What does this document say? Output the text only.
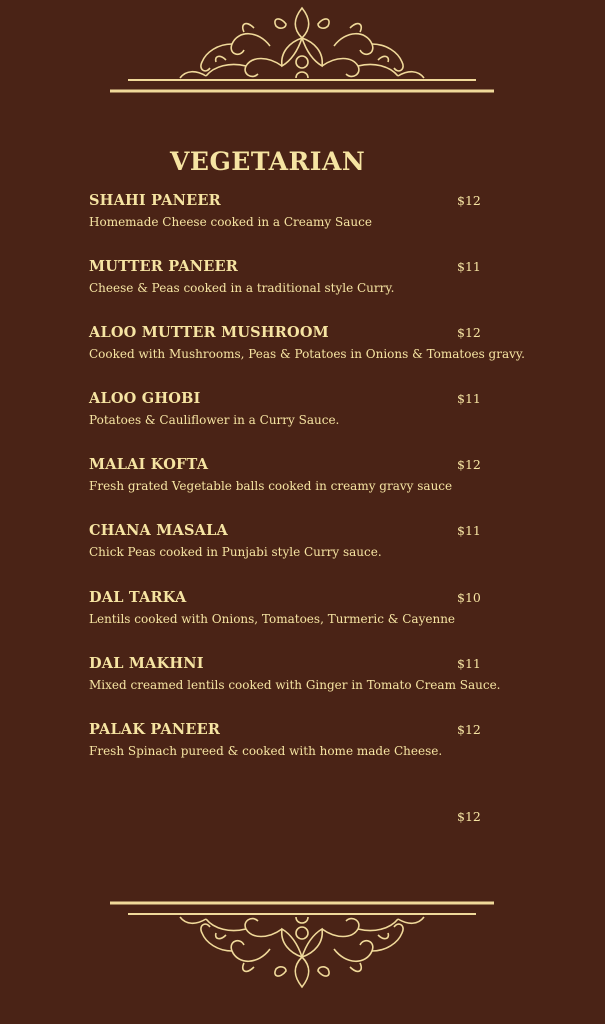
VEGETARIAN
SHAHI PANEER	$12
Homemade Cheese cooked in a Creamy Sauce
MUTTER PANEER	$11
Cheese & Peas cooked in a traditional style Curry.
ALOO MUTTER MUSHROOM	$12
Cooked with Mushrooms, Peas & Potatoes in Onions & Tomatoes gravy.
ALOO GHOBI	$11
Potatoes & Cauliflower in a Curry Sauce.
MALAI KOFTA	$12
Fresh grated Vegetable balls cooked in creamy gravy sauce
CHANA MASALA	$11
Chick Peas cooked in Punjabi style Curry sauce.
DAL TARKA	$10
Lentils cooked with Onions, Tomatoes, Turmeric & Cayenne
DAL MAKHNI	$11
Mixed creamed lentils cooked with Ginger in Tomato Cream Sauce.
PALAK PANEER	$12
Fresh Spinach pureed & cooked with home made Cheese.
$12
